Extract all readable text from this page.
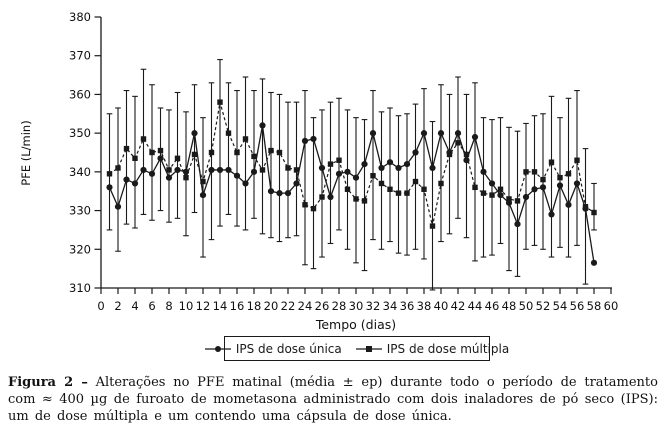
310
320
330
340
350
360
370
380
PFE (L/min)
0 2 4 6 8 10 12 14 16 18 20 22 24 26 28 30 32 34 36 38 40 42 44 46 48 50 52 54 56 58 60
Tempo (dias)
IPS de dose única	IPS de dose múltipla
Figura 2 – Alterações no PFE matinal (média ± ep) durante todo o período de tratamento com ≈ 400 µg de furoato de mometasona administrado com dois inaladores de pó seco (IPS): um de dose múltipla e um contendo uma cápsula de dose única.
